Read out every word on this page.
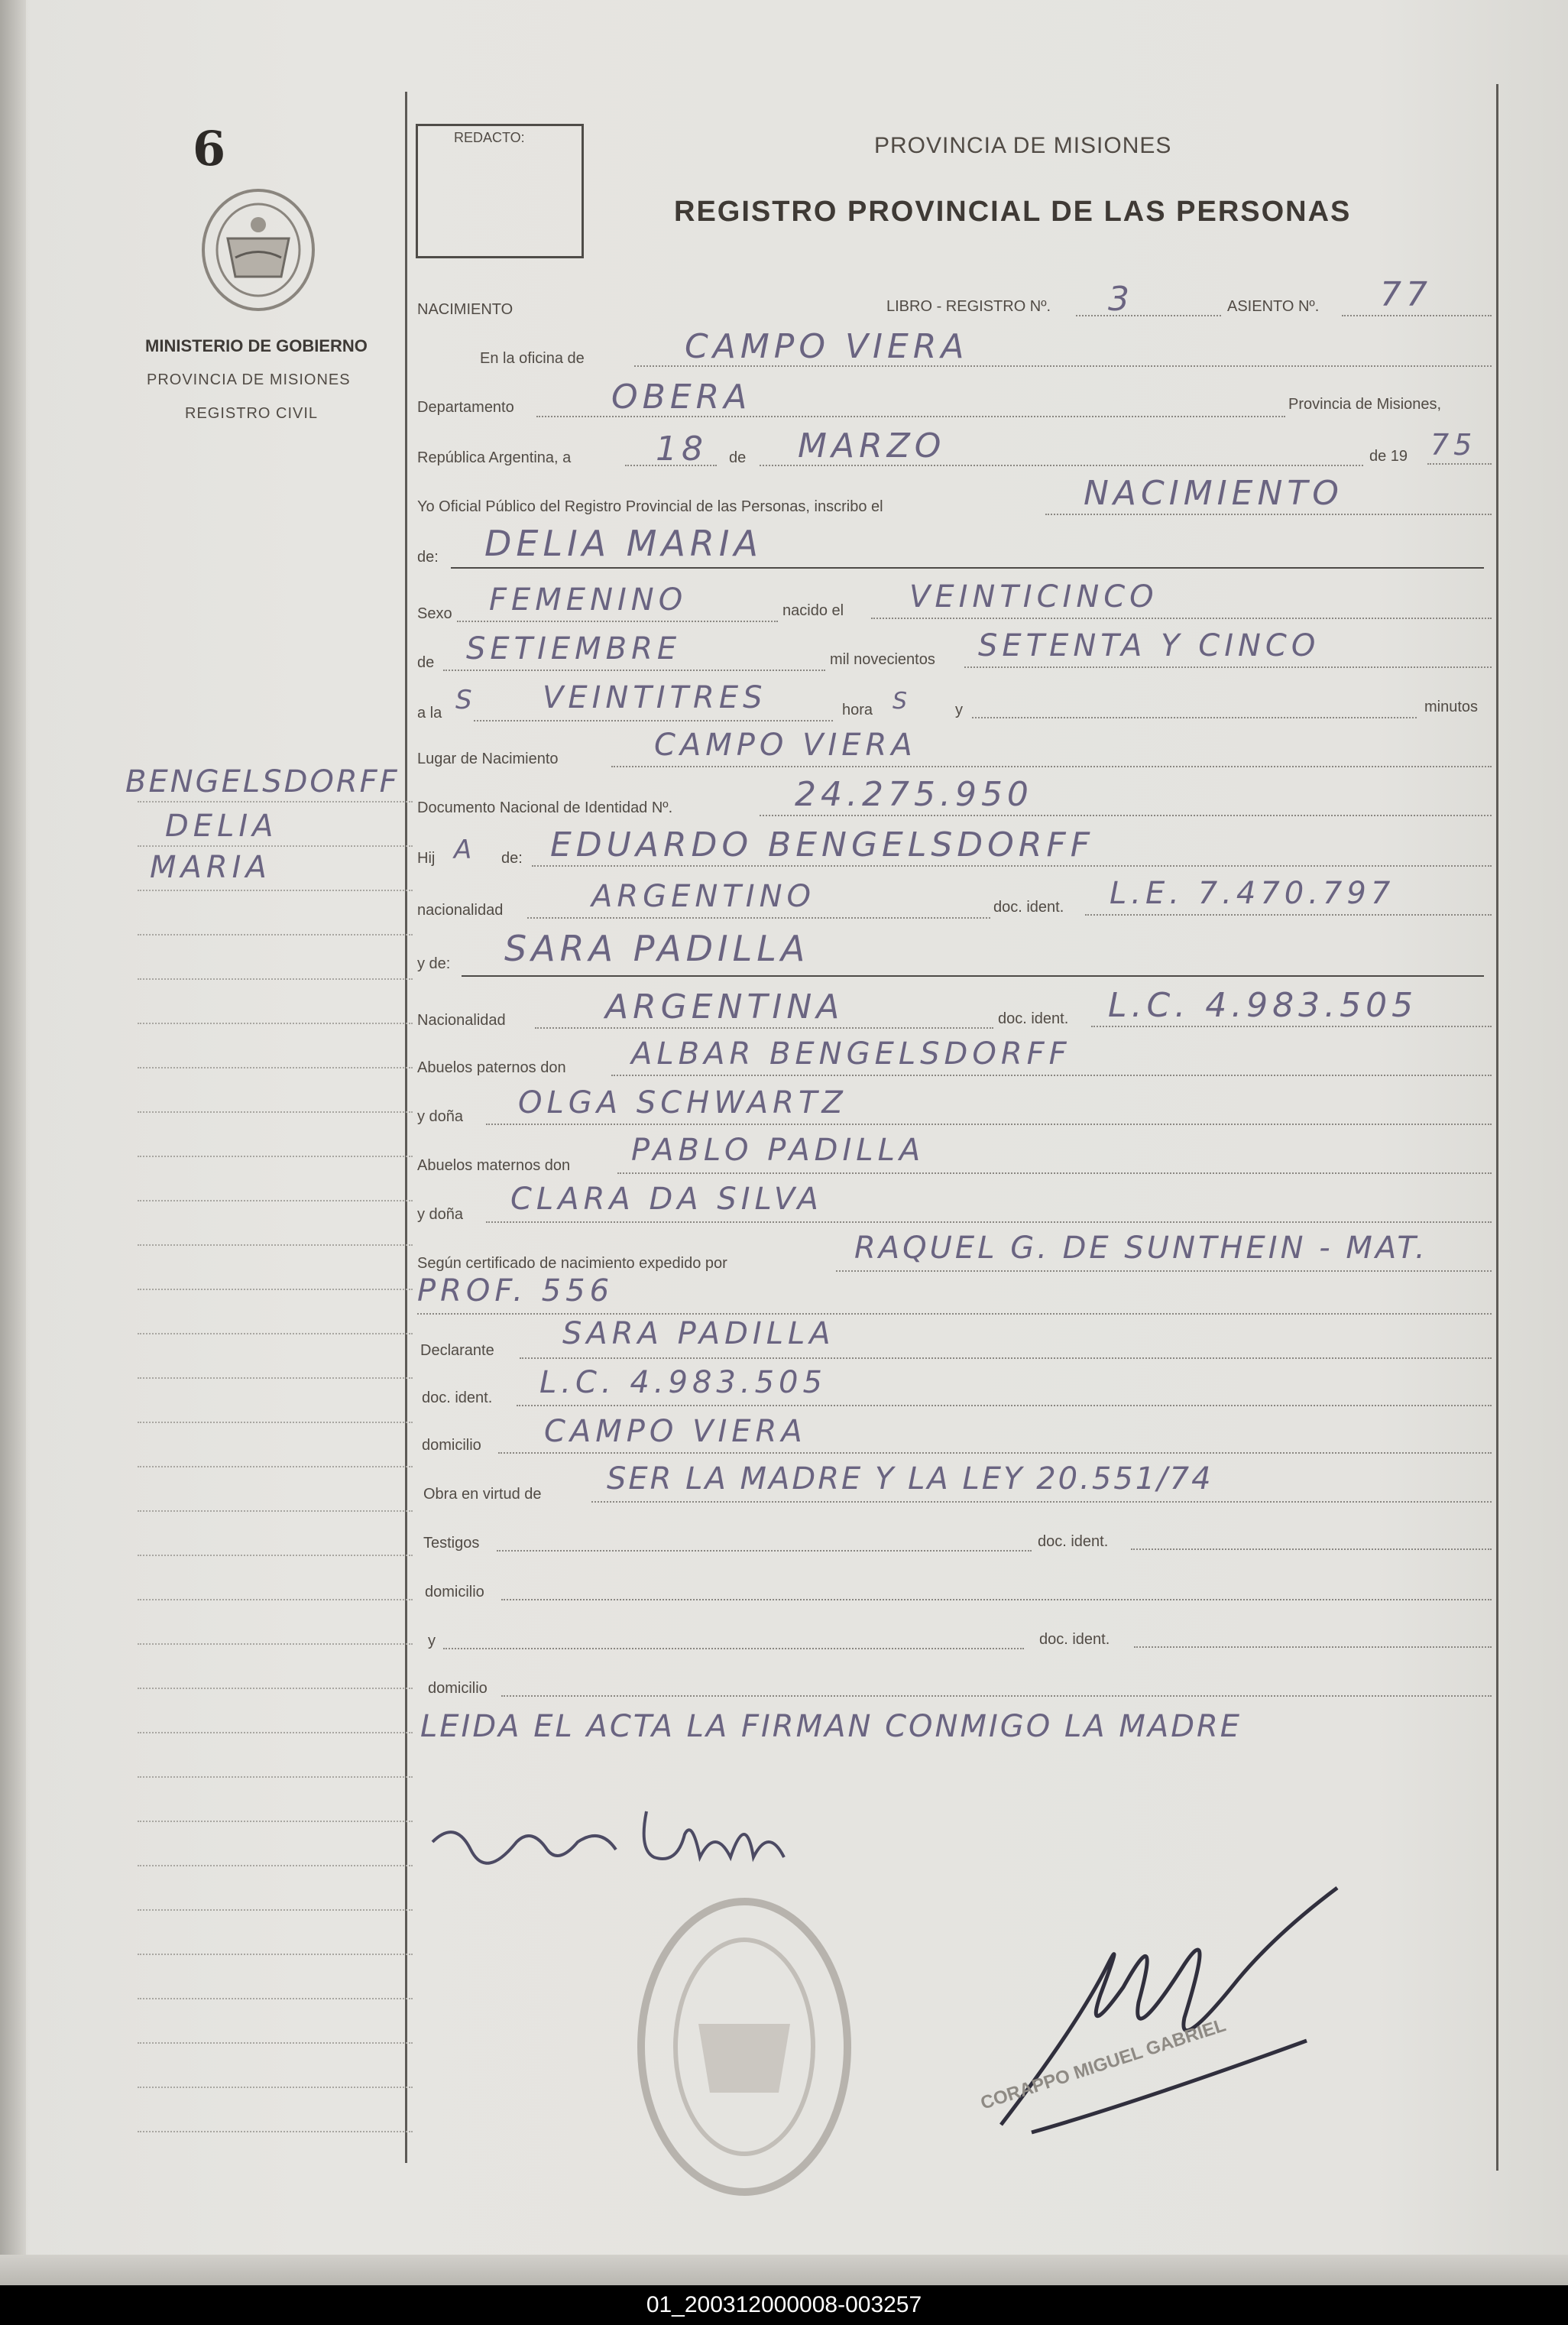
6
MINISTERIO DE GOBIERNO
PROVINCIA DE MISIONES
REGISTRO CIVIL
BENGELSDORFF
DELIA
MARIA
REDACTO:	PROVINCIA DE MISIONES
REGISTRO PROVINCIAL DE LAS PERSONAS
NACIMIENTO	LIBRO - REGISTRO Nº. 3	ASIENTO Nº. 77
En la oficina de	CAMPO VIERA
Departamento	OBERA	Provincia de Misiones,
República Argentina, a	18 de MARZO	de 19 75
Yo Oficial Público del Registro Provincial de las Personas, inscribo el	NACIMIENTO
de: DELIA MARIA
Sexo FEMENINO	nacido el VEINTICINCO
de SETIEMBRE	mil novecientos SETENTA Y CINCO
a la S VEINTITRES	hora S	y	minutos
Lugar de Nacimiento	CAMPO VIERA
Documento Nacional de Identidad Nº.	24.275.950
Hij A de: EDUARDO BENGELSDORFF
nacionalidad	ARGENTINO	doc. ident. L.E. 7.470.797
y de: SARA PADILLA
Nacionalidad	ARGENTINA	doc. ident. L.C. 4.983.505
Abuelos paternos don ALBAR BENGELSDORFF
y doña OLGA SCHWARTZ
Abuelos maternos don PABLO PADILLA
y doña CLARA DA SILVA
Según certificado de nacimiento expedido por	RAQUEL G. DE SUNTHEIN - MAT.
PROF. 556
Declarante SARA PADILLA
doc. ident. L.C. 4.983.505
domicilio CAMPO VIERA
Obra en virtud de SER LA MADRE Y LA LEY 20.551/74
Testigos	doc. ident.
domicilio
y	doc. ident.
domicilio
LEIDA EL ACTA LA FIRMAN CONMIGO LA MADRE
CORAPPO MIGUEL GABRIEL
01_200312000008-003257
